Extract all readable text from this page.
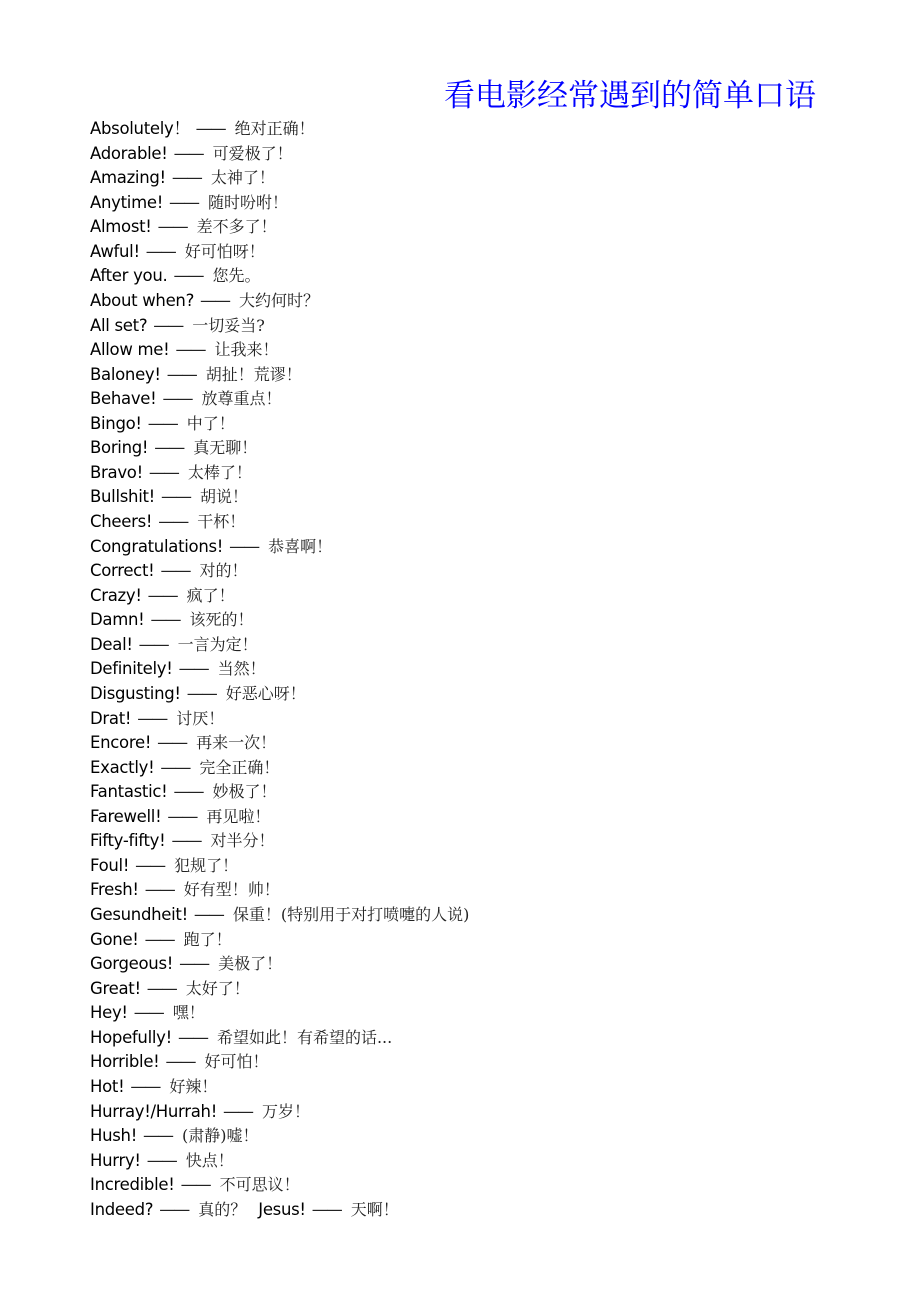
看电影经常遇到的简单口语
Absolutely！ —— 绝对正确！
Adorable! —— 可爱极了！
Amazing! —— 太神了！
Anytime! —— 随时吩咐！
Almost! —— 差不多了！
Awful! —— 好可怕呀！
After you. —— 您先。
About when? —— 大约何时？
All set? —— 一切妥当?
Allow me! —— 让我来！
Baloney! —— 胡扯！荒谬！
Behave! —— 放尊重点！
Bingo! —— 中了！
Boring! —— 真无聊！
Bravo! —— 太棒了！
Bullshit! —— 胡说！
Cheers! —— 干杯！
Congratulations! —— 恭喜啊！
Correct! —— 对的！
Crazy! —— 疯了！
Damn! —— 该死的！
Deal! —— 一言为定！
Definitely! —— 当然！
Disgusting! —— 好恶心呀！
Drat! —— 讨厌！
Encore! —— 再来一次！
Exactly! —— 完全正确！
Fantastic! —— 妙极了！
Farewell! —— 再见啦！
Fifty-fifty! —— 对半分！
Foul! —— 犯规了！
Fresh! —— 好有型！帅！
Gesundheit! —— 保重！(特别用于对打喷嚏的人说)
Gone! —— 跑了！
Gorgeous! —— 美极了！
Great! —— 太好了！
Hey! —— 嘿！
Hopefully! —— 希望如此！有希望的话...
Horrible! —— 好可怕！
Hot! —— 好辣！
Hurray!/Hurrah! —— 万岁！
Hush! —— (肃静)嘘！
Hurry! —— 快点！
Incredible! —— 不可思议！
Indeed? —— 真的？ Jesus! —— 天啊！
